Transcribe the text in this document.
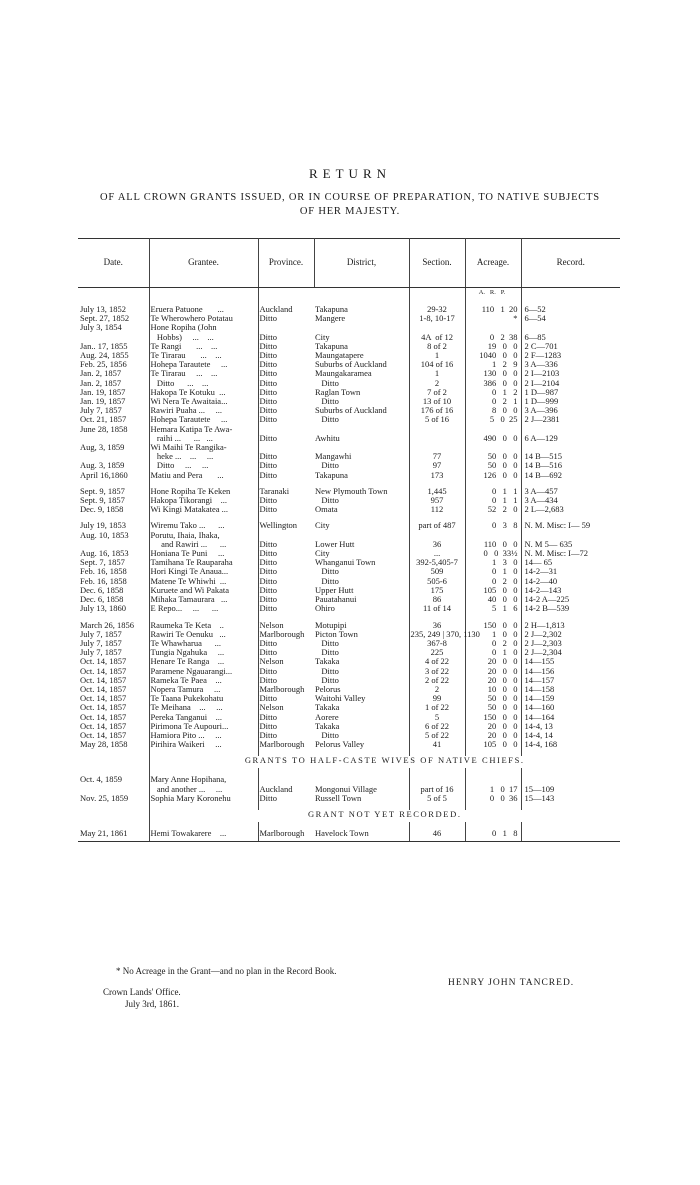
RETURN
OF ALL CROWN GRANTS ISSUED, OR IN COURSE OF PREPARATION, TO NATIVE SUBJECTS
OF HER MAJESTY.
Date.	Grantee.	Province.	District,	Section.	Acreage.	Record.
					A.   R.   P.	

July 13, 1852	Eruera Patuone       ...	Auckland	Takapuna	29-32	110   1  20	6—52
Sept. 27, 1852	Te Wherowhero Potatau	Ditto	Mangere	1-8, 10-17	*	6—54
July 3, 1854	Hone Ropiha (John					
	Hobbs)     ...    ...	Ditto	City	4A  of 12	0   2  38	6—85
Jan.. 17, 1855	Te Rangi       ...    ...	Ditto	Takapuna	8 of 2	19   0   0	2 C—701
Aug. 24, 1855	Te Tirarau       ...    ...	Ditto	Maungatapere	1	1040   0   0	2 F—1283
Feb. 25, 1856	Hohepa Tarautete     ...	Ditto	Suburbs of Auckland	104 of 16	1   2   9	3 A—336
Jan. 2, 1857	Te Tirarau     ...    ...	Ditto	Maungakaramea	1	130   0   0	2 I—2103
Jan. 2, 1857	Ditto      ...    ...	Ditto	Ditto	2	386   0   0	2 I—2104
Jan. 19, 1857	Hakopa Te Kotuku  ...	Ditto	Raglan Town	7 of 2	0   1   2	1 D—987
Jan. 19, 1857	Wi Nera Te Awaitaia...	Ditto	Ditto	13 of 10	0   2   1	1 D—999
July 7, 1857	Rawiri Puaha ...     ...	Ditto	Suburbs of Auckland	176 of 16	8   0   0	3 A—396
Oct. 21, 1857	Hohepa Tarautete     ...	Ditto	Ditto	5 of 16	5   0  25	2 J—2381
June 28, 1858	Hemara Katipa Te Awa-					
	raihi ...      ...   ...	Ditto	Awhitu		490   0   0	6 A—129
Aug, 3, 1859	Wi Maihi Te Rangika-					
	heke ...    ...     ...	Ditto	Mangawhi	77	50   0   0	14 B—515
Aug. 3, 1859	Ditto     ...     ...	Ditto	Ditto	97	50   0   0	14 B—516
April 16,1860	Matiu and Pera       ...	Ditto	Takapuna	173	126   0   0	14 B—692

Sept. 9, 1857	Hone Ropiha Te Keken	Taranaki	New Plymouth Town	1,445	0   1   1	3 A—457
Sept. 9, 1857	Hakopa Tikorangi    ...	Ditto	Ditto	957	0   1   1	3 A—434
Dec. 9, 1858	Wi Kingi Matakatea ...	Ditto	Omata	112	52   2   0	2 L—2,683

July 19, 1853	Wiremu Tako ...      ...	Wellington	City	part of 487	0   3   8	N. M. Misc: I— 59
Aug. 10, 1853	Porutu, Ihaia, Ihaka,					
	and Rawiri ...      ...	Ditto	Lower Hutt	36	110   0   0	N. M 5— 635
Aug. 16, 1853	Honiana Te Puni     ...	Ditto	City	...	0   0  33½	N. M. Misc: I—72
Sept. 7, 1857	Tamihana Te Rauparaha	Ditto	Whanganui Town	392-5,405-7	1   3   0	14— 65
Feb. 16, 1858	Hori Kingi Te Anaua...	Ditto	Ditto	509	0   1   0	14-2—31
Feb. 16, 1858	Matene Te Whiwhi  ...	Ditto	Ditto	505-6	0   2   0	14-2—40
Dec. 6, 1858	Kuruete and Wi Pakata	Ditto	Upper Hutt	175	105   0   0	14-2—143
Dec. 6, 1858	Mihaka Tamaurara   ...	Ditto	Pauatahanui	86	40   0   0	14-2 A—225
July 13, 1860	E Repo...     ...      ...	Ditto	Ohiro	11 of 14	5   1   6	14-2 B—539

March 26, 1856	Raumeka Te Keta    ..	Nelson	Motupipi	36	150   0   0	2 H—1,813
July 7, 1857	Rawiri Te Oenuku   ...	Marlborough	Picton Town	235, 249 | 370, 1130	1   0   0	2 J—2,302
July 7, 1857	Te Whawharua      ...	Ditto	Ditto	367-8	0   2   0	2 J—2,303
July 7, 1857	Tungia Ngahuka     ...	Ditto	Ditto	225	0   1   0	2 J—2,304
Oct. 14, 1857	Henare Te Ranga    ...	Nelson	Takaka	4 of 22	20   0   0	14—155
Oct. 14, 1857	Paramene Ngauarangi...	Ditto	Ditto	3 of 22	20   0   0	14—156
Oct. 14, 1857	Rameka Te Paea    ...	Ditto	Ditto	2 of 22	20   0   0	14—157
Oct. 14, 1857	Nopera Tamura     ...	Marlborough	Pelorus	2	10   0   0	14—158
Oct. 14, 1857	Te Taana Pukekohatu	Ditto	Waitohi Valley	99	50   0   0	14—159
Oct. 14, 1857	Te Meihana    ...     ...	Nelson	Takaka	1 of 22	50   0   0	14—160
Oct. 14, 1857	Pereka Tanganui    ...	Ditto	Aorere	5	150   0   0	14—164
Oct. 14, 1857	Pirimona Te Aupouri...	Ditto	Takaka	6 of 22	20   0   0	14-4, 13
Oct. 14, 1857	Hamiora Pito ...     ...	Ditto	Ditto	5 of 22	20   0   0	14-4, 14
May 28, 1858	Pirihira Waikeri     ...	Marlborough	Pelorus Valley	41	105   0   0	14-4, 168

	GRANTS TO HALF-CASTE WIVES OF NATIVE CHIEFS.					

Oct. 4, 1859	Mary Anne Hopihana,					
	and another ...     ...	Auckland	Mongonui Village	part of 16	1   0  17	15—109
Nov. 25, 1859	Sophia Mary Koronehu	Ditto	Russell Town	5 of 5	0   0  36	15—143

	GRANT NOT YET RECORDED.					

May 21, 1861	Hemi Towakarere    ...	Marlborough	Havelock Town	46	0   1   8	
* No Acreage in the Grant—and no plan in the Record Book.
HENRY JOHN TANCRED.
Crown Lands' Office.
July 3rd, 1861.
